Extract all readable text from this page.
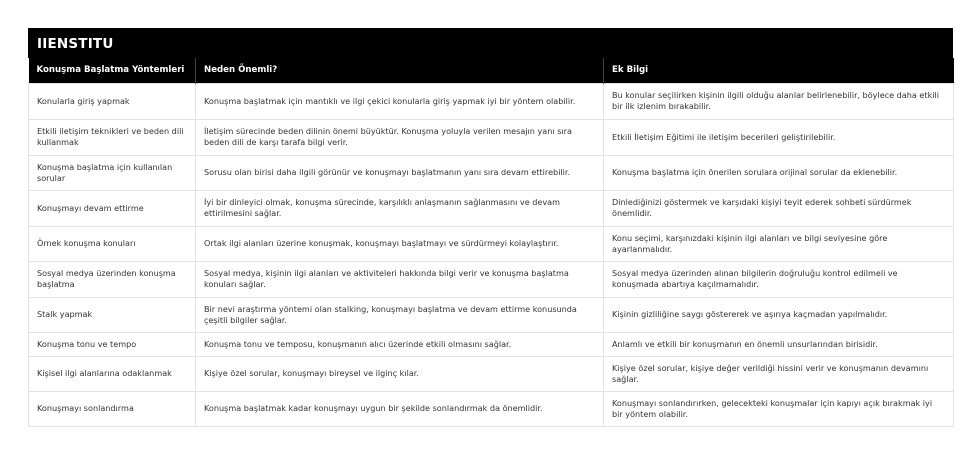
IIENSTITU
Konuşma Başlatma Yöntemleri	Neden Önemli?	Ek Bilgi
Konularla giriş yapmak	Konuşma başlatmak için mantıklı ve ilgi çekici konularla giriş yapmak iyi bir yöntem olabilir.	Bu konular seçilirken kişinin ilgili olduğu alanlar belirlenebilir, böylece daha etkili bir ilk izlenim bırakabilir.
Etkili iletişim teknikleri ve beden dili kullanmak	İletişim sürecinde beden dilinin önemi büyüktür. Konuşma yoluyla verilen mesajın yanı sıra beden dili de karşı tarafa bilgi verir.	Etkili İletişim Eğitimi ile iletişim becerileri geliştirilebilir.
Konuşma başlatma için kullanılan sorular	Sorusu olan birisi daha ilgili görünür ve konuşmayı başlatmanın yanı sıra devam ettirebilir.	Konuşma başlatma için önerilen sorulara orijinal sorular da eklenebilir.
Konuşmayı devam ettirme	İyi bir dinleyici olmak, konuşma sürecinde, karşılıklı anlaşmanın sağlanmasını ve devam ettirilmesini sağlar.	Dinlediğinizi göstermek ve karşıdaki kişiyi teyit ederek sohbeti sürdürmek önemlidir.
Örnek konuşma konuları	Ortak ilgi alanları üzerine konuşmak, konuşmayı başlatmayı ve sürdürmeyi kolaylaştırır.	Konu seçimi, karşınızdaki kişinin ilgi alanları ve bilgi seviyesine göre ayarlanmalıdır.
Sosyal medya üzerinden konuşma başlatma	Sosyal medya, kişinin ilgi alanları ve aktiviteleri hakkında bilgi verir ve konuşma başlatma konuları sağlar.	Sosyal medya üzerinden alınan bilgilerin doğruluğu kontrol edilmeli ve konuşmada abartıya kaçılmamalıdır.
Stalk yapmak	Bir nevi araştırma yöntemi olan stalking, konuşmayı başlatma ve devam ettirme konusunda çeşitli bilgiler sağlar.	Kişinin gizliliğine saygı göstererek ve aşırıya kaçmadan yapılmalıdır.
Konuşma tonu ve tempo	Konuşma tonu ve temposu, konuşmanın alıcı üzerinde etkili olmasını sağlar.	Anlamlı ve etkili bir konuşmanın en önemli unsurlarından birisidir.
Kişisel ilgi alanlarına odaklanmak	Kişiye özel sorular, konuşmayı bireysel ve ilginç kılar.	Kişiye özel sorular, kişiye değer verildiği hissini verir ve konuşmanın devamını sağlar.
Konuşmayı sonlandırma	Konuşma başlatmak kadar konuşmayı uygun bir şekilde sonlandırmak da önemlidir.	Konuşmayı sonlandırırken, gelecekteki konuşmalar için kapıyı açık bırakmak iyi bir yöntem olabilir.
